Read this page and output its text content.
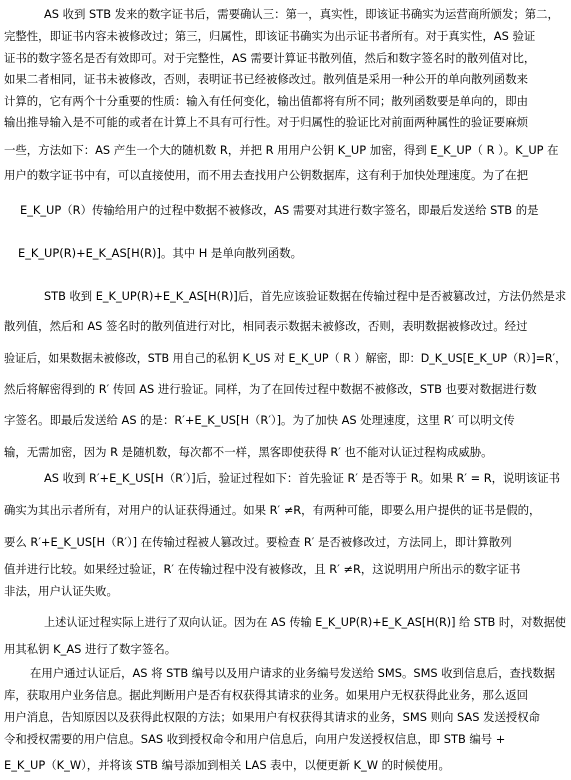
AS 收到 STB 发来的数字证书后，需要确认三：第一，真实性，即该证书确实为运营商所颁发；第二，
完整性，即证书内容未被修改过；第三，归属性，即该证书确实为出示证书者所有。对于真实性，AS 验证
证书的数字签名是否有效即可。对于完整性，AS 需要计算证书散列值，然后和数字签名时的散列值对比，
如果二者相同，证书未被修改，否则，表明证书已经被修改过。散列值是采用一种公开的单向散列函数来
计算的，它有两个十分重要的性质：输入有任何变化，输出值都将有所不同；散列函数要是单向的，即由
输出推导输入是不可能的或者在计算上不具有可行性。对于归属性的验证比对前面两种属性的验证要麻烦
一些，方法如下：AS 产生一个大的随机数 R，并把 R 用用户公钥 K_UP 加密，得到 E_K_UP（ R ）。K_UP 在
用户的数字证书中有，可以直接使用，而不用去查找用户公钥数据库，这有利于加快处理速度。为了在把
E_K_UP（R）传输给用户的过程中数据不被修改，AS 需要对其进行数字签名，即最后发送给 STB 的是
E_K_UP(R)+E_K_AS[H(R)]。其中 H 是单向散列函数。
STB 收到 E_K_UP(R)+E_K_AS[H(R)]后，首先应该验证数据在传输过程中是否被篡改过，方法仍然是求
散列值，然后和 AS 签名时的散列值进行对比，相同表示数据未被修改，否则，表明数据被修改过。经过
验证后，如果数据未被修改，STB 用自己的私钥 K_US 对 E_K_UP（ R ）解密，即：D_K_US[E_K_UP（R）]=R′，
然后将解密得到的 R′ 传回 AS 进行验证。同样，为了在回传过程中数据不被修改，STB 也要对数据进行数
字签名。即最后发送给 AS 的是：R′+E_K_US[H（R′）]。为了加快 AS 处理速度，这里 R′ 可以明文传
输，无需加密，因为 R 是随机数，每次都不一样，黑客即使获得 R′ 也不能对认证过程构成威胁。
AS 收到 R′+E_K_US[H（R′）]后，验证过程如下：首先验证 R′ 是否等于 R。如果 R′ = R，说明该证书
确实为其出示者所有，对用户的认证获得通过。如果 R′ ≠R，有两种可能，即要么用户提供的证书是假的，
要么 R′+E_K_US[H（R′）] 在传输过程被人篡改过。要检查 R′ 是否被修改过，方法同上，即计算散列
值并进行比较。如果经过验证，R′ 在传输过程中没有被修改，且 R′ ≠R，这说明用户所出示的数字证书
非法，用户认证失败。
上述认证过程实际上进行了双向认证。因为在 AS 传输 E_K_UP(R)+E_K_AS[H(R)] 给 STB 时，对数据使
用其私钥 K_AS 进行了数字签名。
在用户通过认证后，AS 将 STB 编号以及用户请求的业务编号发送给 SMS。SMS 收到信息后，查找数据
库，获取用户业务信息。据此判断用户是否有权获得其请求的业务。如果用户无权获得此业务，那么返回
用户消息，告知原因以及获得此权限的方法；如果用户有权获得其请求的业务，SMS 则向 SAS 发送授权命
令和授权需要的用户信息。SAS 收到授权命令和用户信息后，向用户发送授权信息，即 STB 编号 +
E_K_UP（K_W），并将该 STB 编号添加到相关 LAS 表中，以便更新 K_W 的时候使用。
